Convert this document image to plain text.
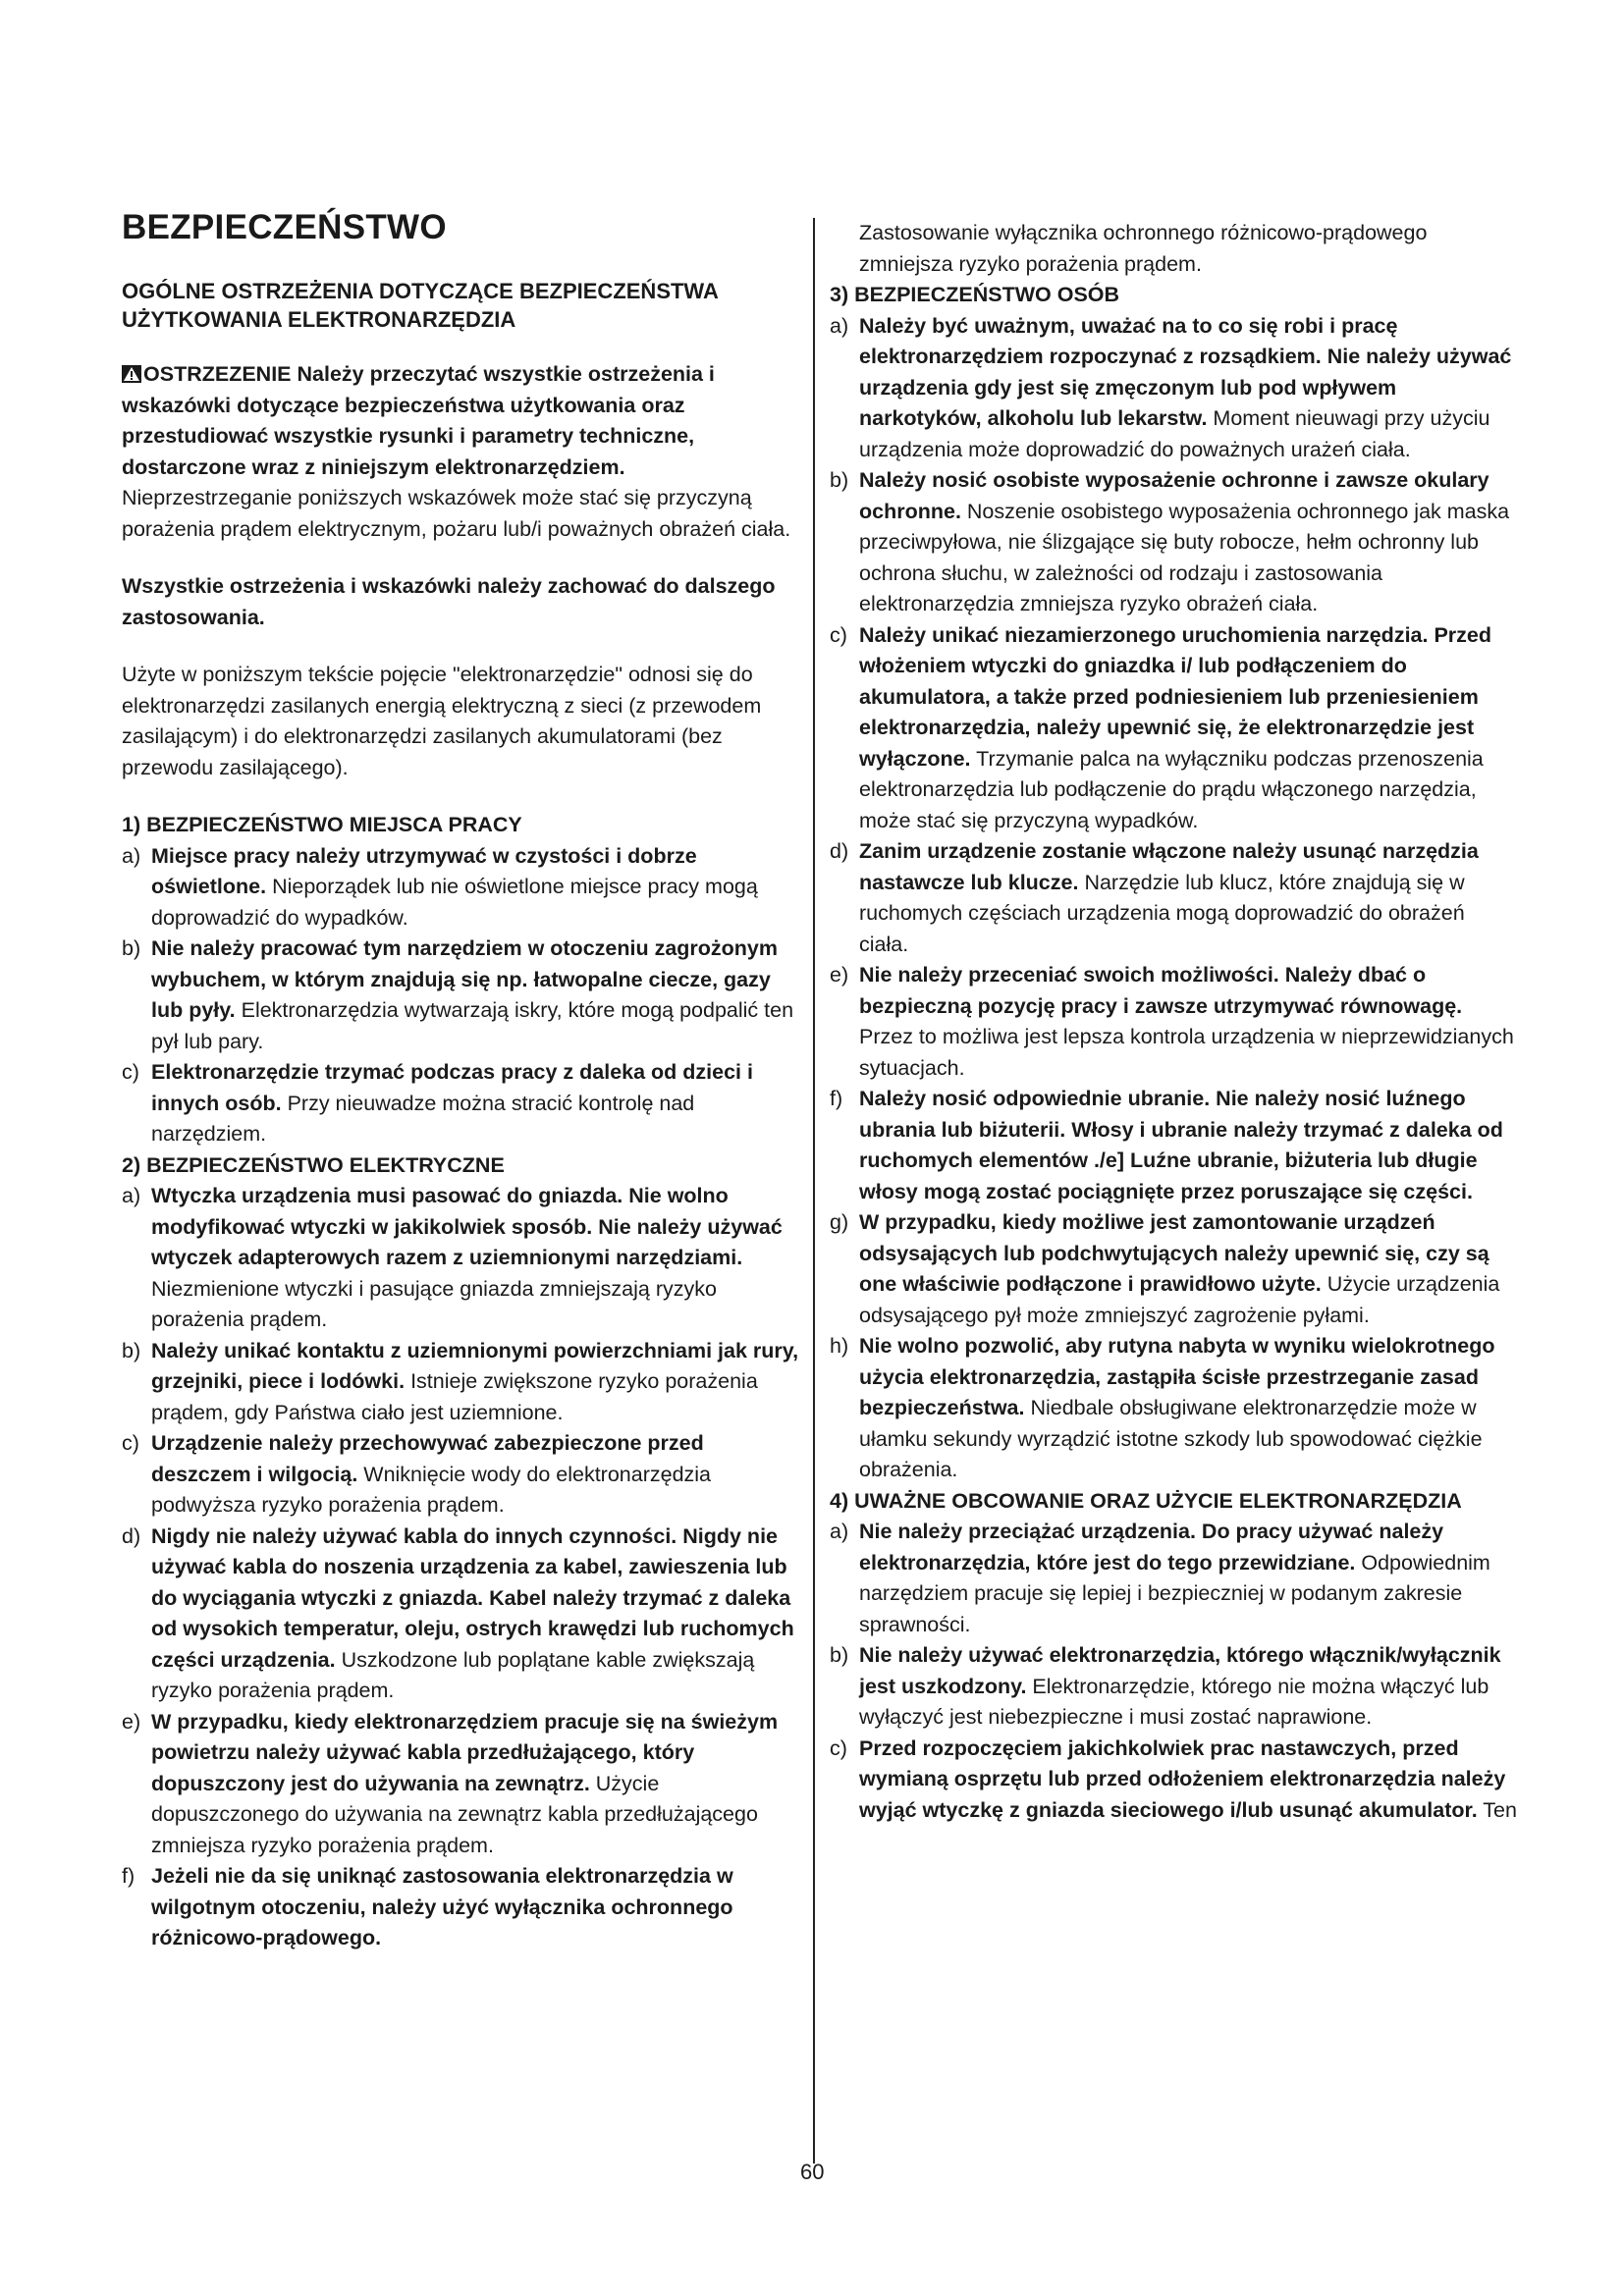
BEZPIECZEŃSTWO
OGÓLNE OSTRZEŻENIA DOTYCZĄCE BEZPIECZEŃSTWA UŻYTKOWANIA ELEKTRONARZĘDZIA

OSTRZEZENIE Należy przeczytać wszystkie ostrzeżenia i wskazówki dotyczące bezpieczeństwa użytkowania oraz przestudiować wszystkie rysunki i parametry techniczne, dostarczone wraz z niniejszym elektronarzędziem. Nieprzestrzeganie poniższych wskazówek może stać się przyczyną porażenia prądem elektrycznym, pożaru lub/i poważnych obrażeń ciała.

Wszystkie ostrzeżenia i wskazówki należy zachować do dalszego zastosowania.

Użyte w poniższym tekście pojęcie "elektronarzędzie" odnosi się do elektronarzędzi zasilanych energią elektryczną z sieci (z przewodem zasilającym) i do elektronarzędzi zasilanych akumulatorami (bez przewodu zasilającego).

1) BEZPIECZEŃSTWO MIEJSCA PRACY
a) Miejsce pracy należy utrzymywać w czystości i dobrze oświetlone. Nieporządek lub nie oświetlone miejsce pracy mogą doprowadzić do wypadków.
b) Nie należy pracować tym narzędziem w otoczeniu zagrożonym wybuchem, w którym znajdują się np. łatwopalne ciecze, gazy lub pyły. Elektronarzędzia wytwarzają iskry, które mogą podpalić ten pył lub pary.
c) Elektronarzędzie trzymać podczas pracy z daleka od dzieci i innych osób. Przy nieuwadze można stracić kontrolę nad narzędziem.
2) BEZPIECZEŃSTWO ELEKTRYCZNE
a) Wtyczka urządzenia musi pasować do gniazda. Nie wolno modyfikować wtyczki w jakikolwiek sposób. Nie należy używać wtyczek adapterowych razem z uziemnionymi narzędziami. Niezmienione wtyczki i pasujące gniazda zmniejszają ryzyko porażenia prądem.
b) Należy unikać kontaktu z uziemnionymi powierzchniami jak rury, grzejniki, piece i lodówki. Istnieje zwiększone ryzyko porażenia prądem, gdy Państwa ciało jest uziemnione.
c) Urządzenie należy przechowywać zabezpieczone przed deszczem i wilgocią. Wniknięcie wody do elektronarzędzia podwyższa ryzyko porażenia prądem.
d) Nigdy nie należy używać kabla do innych czynności. Nigdy nie używać kabla do noszenia urządzenia za kabel, zawieszenia lub do wyciągania wtyczki z gniazda. Kabel należy trzymać z daleka od wysokich temperatur, oleju, ostrych krawędzi lub ruchomych części urządzenia. Uszkodzone lub poplątane kable zwiększają ryzyko porażenia prądem.
e) W przypadku, kiedy elektronarzędziem pracuje się na świeżym powietrzu należy używać kabla przedłużającego, który dopuszczony jest do używania na zewnątrz. Użycie dopuszczonego do używania na zewnątrz kabla przedłużającego zmniejsza ryzyko porażenia prądem.
f) Jeżeli nie da się uniknąć zastosowania elektronarzędzia w wilgotnym otoczeniu, należy użyć wyłącznika ochronnego różnicowo-prądowego.
Zastosowanie wyłącznika ochronnego różnicowo-prądowego zmniejsza ryzyko porażenia prądem.
3) BEZPIECZEŃSTWO OSÓB
a) Należy być uważnym, uważać na to co się robi i pracę elektronarzędziem rozpoczynać z rozsądkiem. Nie należy używać urządzenia gdy jest się zmęczonym lub pod wpływem narkotyków, alkoholu lub lekarstw. Moment nieuwagi przy użyciu urządzenia może doprowadzić do poważnych urażeń ciała.
b) Należy nosić osobiste wyposażenie ochronne i zawsze okulary ochronne. Noszenie osobistego wyposażenia ochronnego jak maska przeciwpyłowa, nie ślizgające się buty robocze, hełm ochronny lub ochrona słuchu, w zależności od rodzaju i zastosowania elektronarzędzia zmniejsza ryzyko obrażeń ciała.
c) Należy unikać niezamierzonego uruchomienia narzędzia. Przed włożeniem wtyczki do gniazdka i/ lub podłączeniem do akumulatora, a także przed podniesieniem lub przeniesieniem elektronarzędzia, należy upewnić się, że elektronarzędzie jest wyłączone. Trzymanie palca na wyłączniku podczas przenoszenia elektronarzędzia lub podłączenie do prądu włączonego narzędzia, może stać się przyczyną wypadków.
d) Zanim urządzenie zostanie włączone należy usunąć narzędzia nastawcze lub klucze. Narzędzie lub klucz, które znajdują się w ruchomych częściach urządzenia mogą doprowadzić do obrażeń ciała.
e) Nie należy przeceniać swoich możliwości. Należy dbać o bezpieczną pozycję pracy i zawsze utrzymywać równowagę. Przez to możliwa jest lepsza kontrola urządzenia w nieprzewidzianych sytuacjach.
f) Należy nosić odpowiednie ubranie. Nie należy nosić luźnego ubrania lub biżuterii. Włosy i ubranie należy trzymać z daleka od ruchomych elementów ./e] Luźne ubranie, biżuteria lub długie włosy mogą zostać pociągnięte przez poruszające się części.
g) W przypadku, kiedy możliwe jest zamontowanie urządzeń odsysających lub podchwytujących należy upewnić się, czy są one właściwie podłączone i prawidłowo użyte. Użycie urządzenia odsysającego pył może zmniejszyć zagrożenie pyłami.
h) Nie wolno pozwolić, aby rutyna nabyta w wyniku wielokrotnego użycia elektronarzędzia, zastąpiła ścisłe przestrzeganie zasad bezpieczeństwa. Niedbale obsługiwane elektronarzędzie może w ułamku sekundy wyrządzić istotne szkody lub spowodować ciężkie obrażenia.
4) UWAŻNE OBCOWANIE ORAZ UŻYCIE ELEKTRONARZĘDZIA
a) Nie należy przeciążać urządzenia. Do pracy używać należy elektronarzędzia, które jest do tego przewidziane. Odpowiednim narzędziem pracuje się lepiej i bezpieczniej w podanym zakresie sprawności.
b) Nie należy używać elektronarzędzia, którego włącznik/wyłącznik jest uszkodzony. Elektronarzędzie, którego nie można włączyć lub wyłączyć jest niebezpieczne i musi zostać naprawione.
c) Przed rozpoczęciem jakichkolwiek prac nastawczych, przed wymianą osprzętu lub przed odłożeniem elektronarzędzia należy wyjąć wtyczkę z gniazda sieciowego i/lub usunąć akumulator. Ten
60
